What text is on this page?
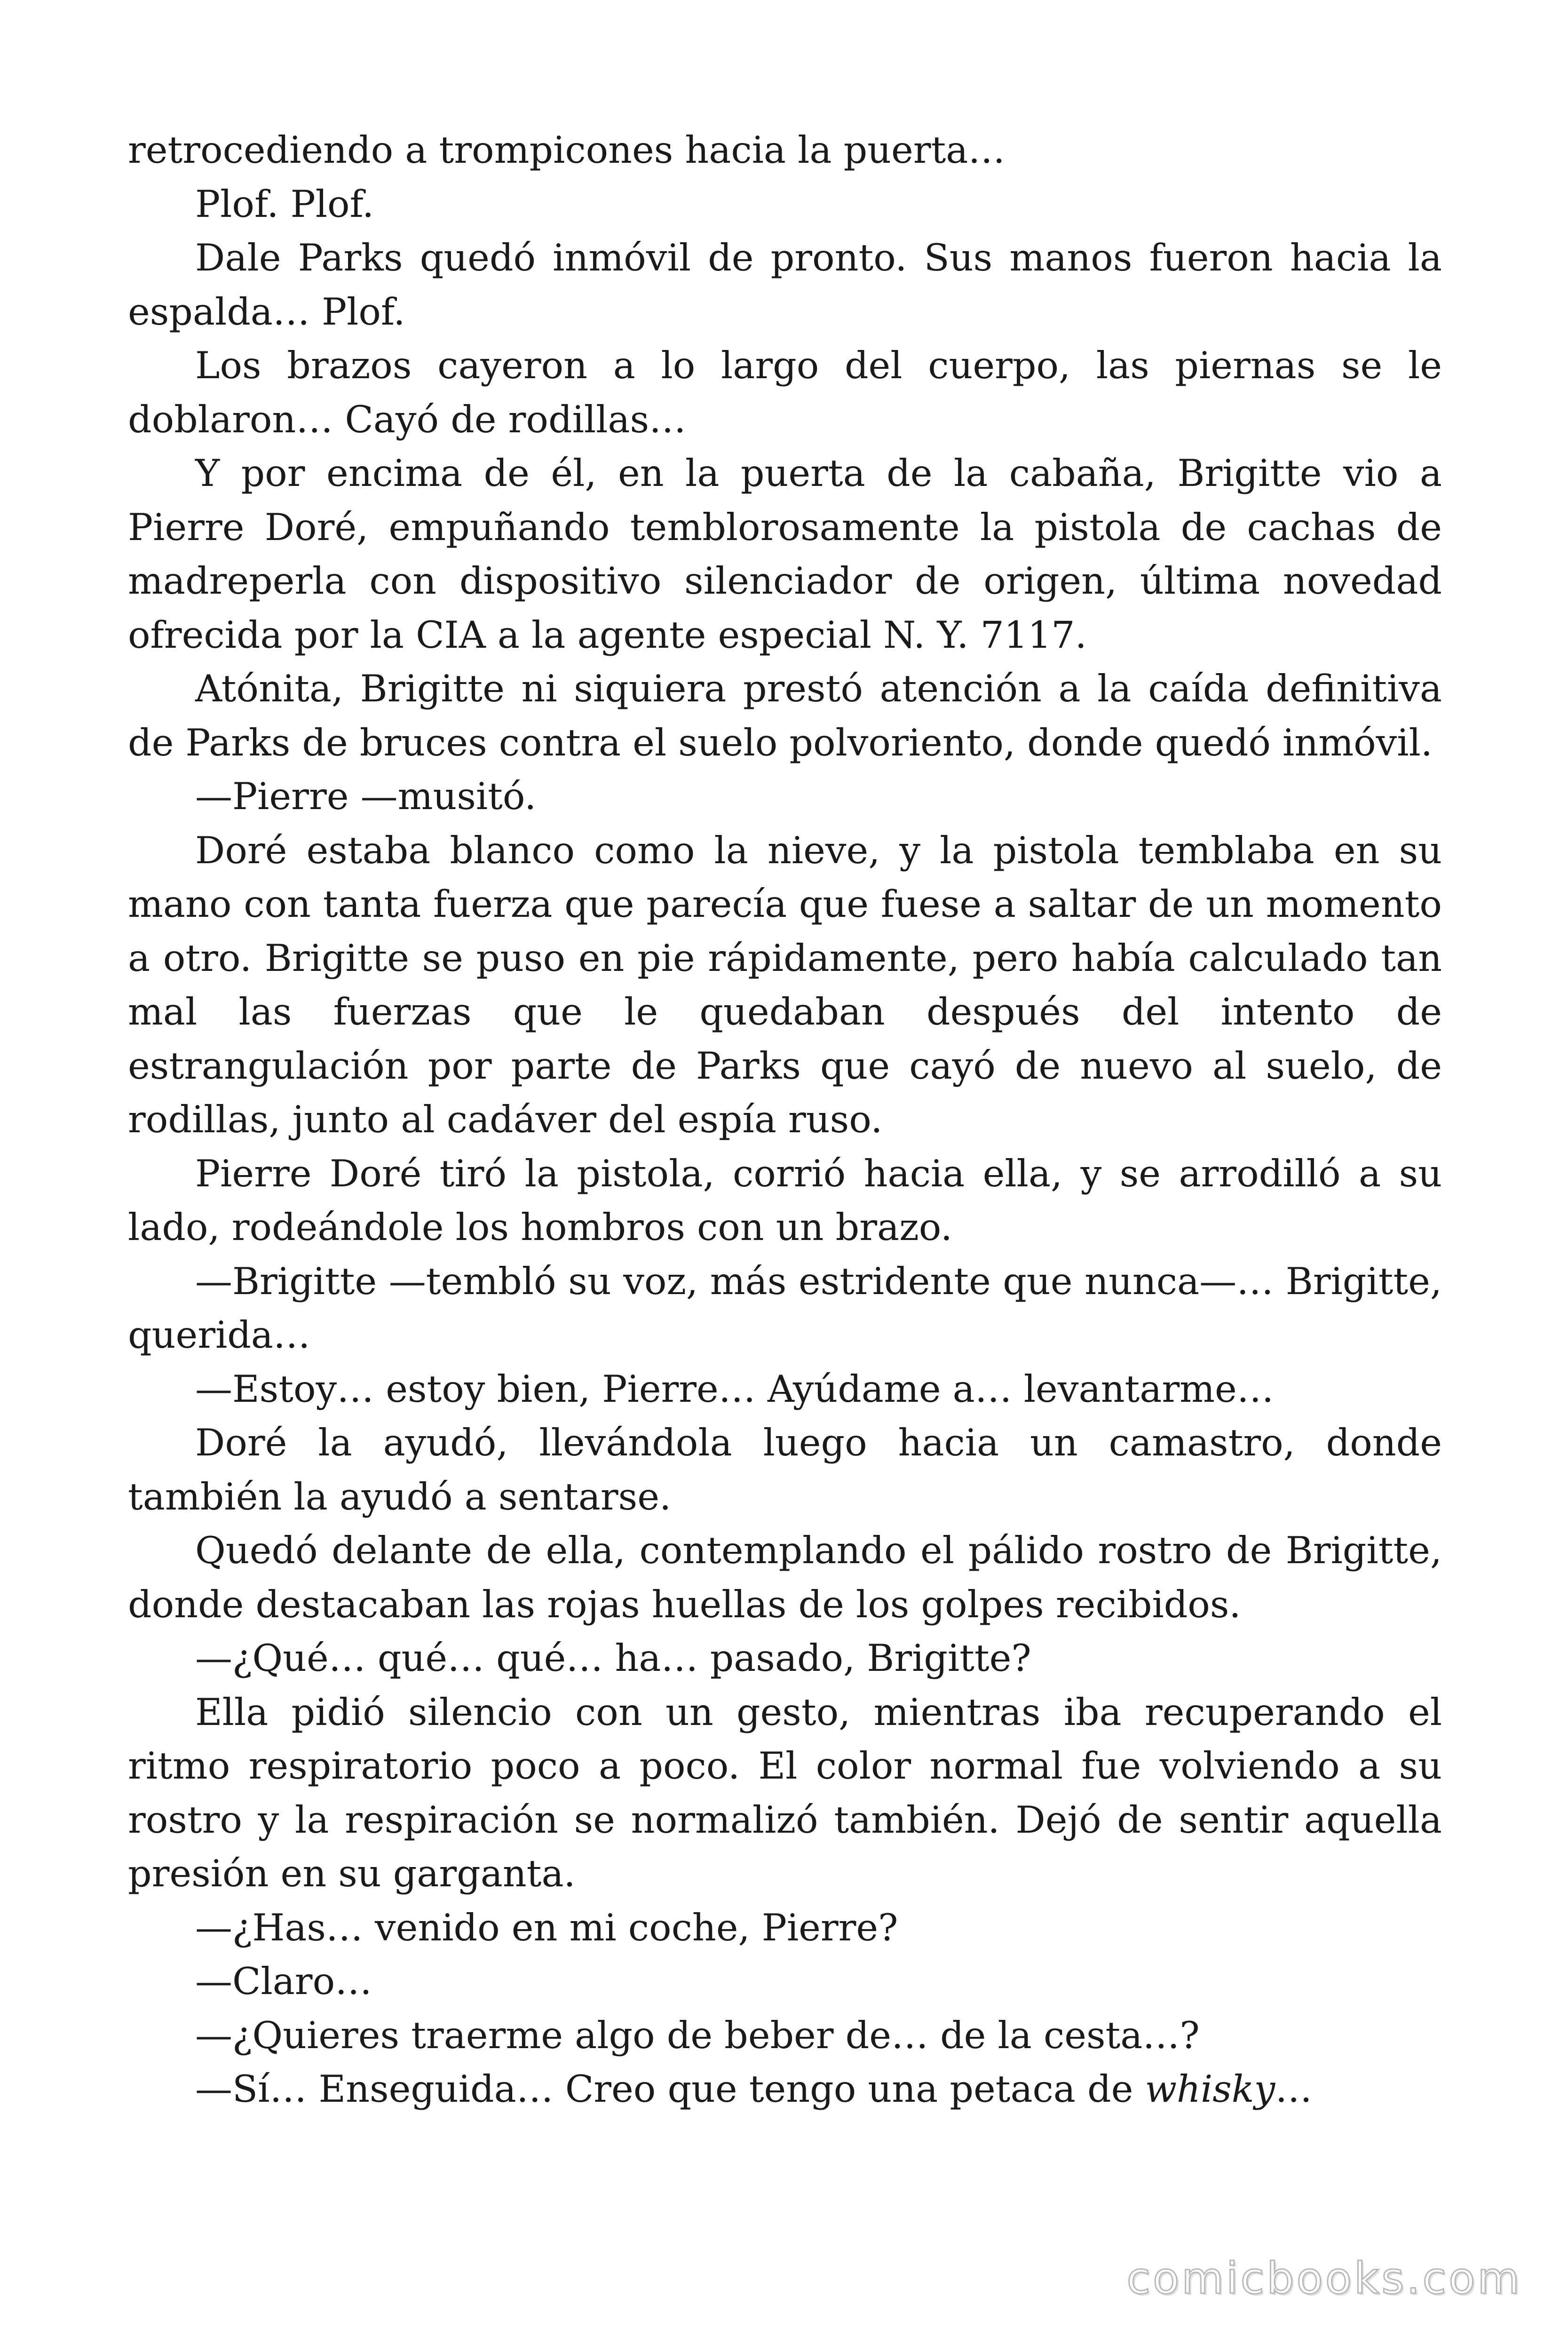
retrocediendo a trompicones hacia la puerta…

Plof. Plof.

Dale Parks quedó inmóvil de pronto. Sus manos fueron hacia la espalda… Plof.

Los brazos cayeron a lo largo del cuerpo, las piernas se le doblaron… Cayó de rodillas…

Y por encima de él, en la puerta de la cabaña, Brigitte vio a Pierre Doré, empuñando temblorosamente la pistola de cachas de madreperla con dispositivo silenciador de origen, última novedad ofrecida por la CIA a la agente especial N. Y. 7117.

Atónita, Brigitte ni siquiera prestó atención a la caída definitiva de Parks de bruces contra el suelo polvoriento, donde quedó inmóvil.

—Pierre —musitó.

Doré estaba blanco como la nieve, y la pistola temblaba en su mano con tanta fuerza que parecía que fuese a saltar de un momento a otro. Brigitte se puso en pie rápidamente, pero había calculado tan mal las fuerzas que le quedaban después del intento de estrangulación por parte de Parks que cayó de nuevo al suelo, de rodillas, junto al cadáver del espía ruso.

Pierre Doré tiró la pistola, corrió hacia ella, y se arrodilló a su lado, rodeándole los hombros con un brazo.

—Brigitte —tembló su voz, más estridente que nunca—… Brigitte, querida…

—Estoy… estoy bien, Pierre… Ayúdame a… levantarme…

Doré la ayudó, llevándola luego hacia un camastro, donde también la ayudó a sentarse.

Quedó delante de ella, contemplando el pálido rostro de Brigitte, donde destacaban las rojas huellas de los golpes recibidos.

—¿Qué… qué… qué… ha… pasado, Brigitte?

Ella pidió silencio con un gesto, mientras iba recuperando el ritmo respiratorio poco a poco. El color normal fue volviendo a su rostro y la respiración se normalizó también. Dejó de sentir aquella presión en su garganta.

—¿Has… venido en mi coche, Pierre?

—Claro…

—¿Quieres traerme algo de beber de… de la cesta…?

—Sí… Enseguida… Creo que tengo una petaca de whisky…

comicbooks.com
